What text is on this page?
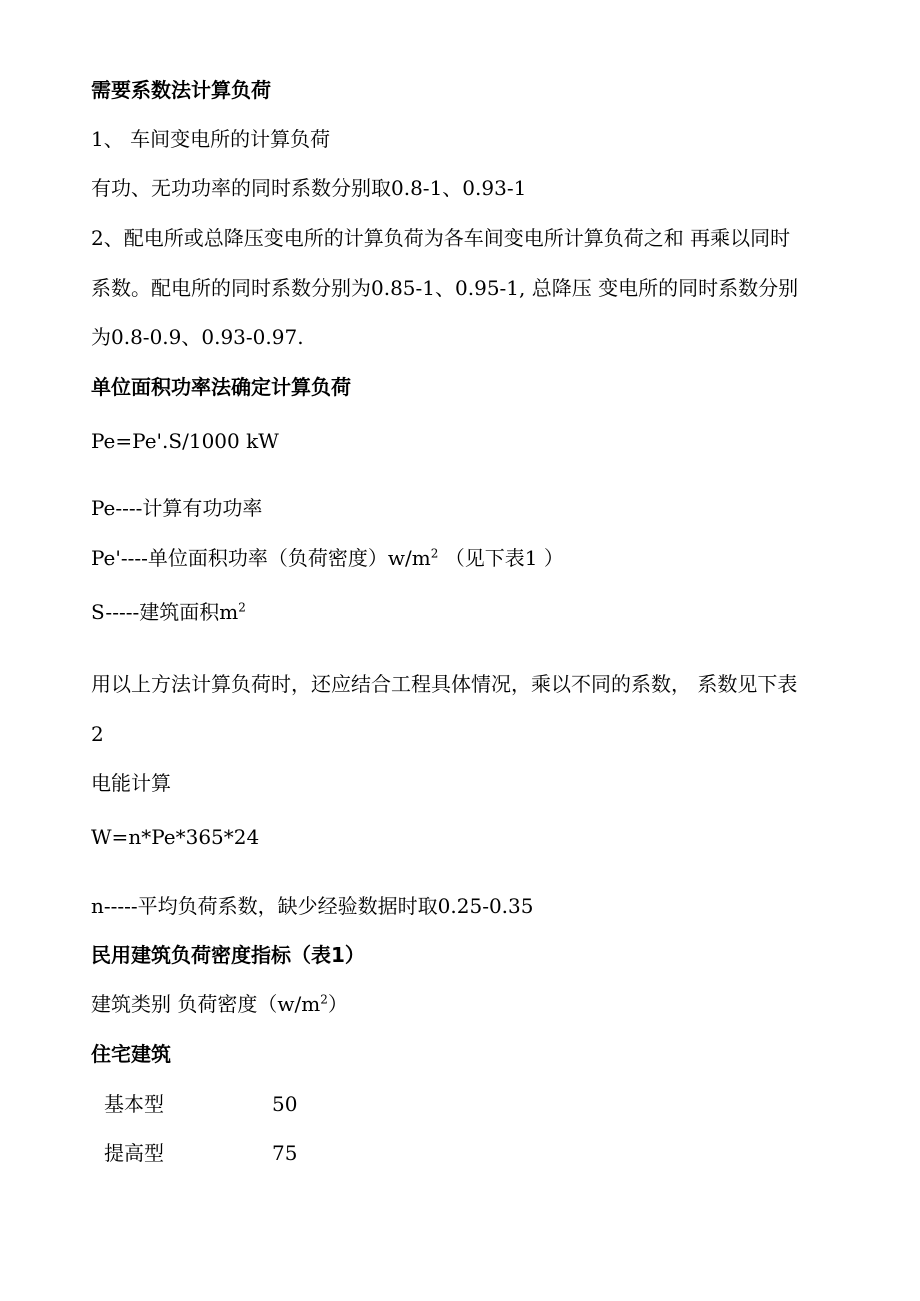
需要系数法计算负荷
1、 车间变电所的计算负荷
有功、无功功率的同时系数分别取0.8-1、0.93-1
2、配电所或总降压变电所的计算负荷为各车间变电所计算负荷之和 再乘以同时
系数。配电所的同时系数分别为0.85-1、0.95-1, 总降压 变电所的同时系数分别
为0.8-0.9、0.93-0.97.
单位面积功率法确定计算负荷
Pe=Pe'.S/1000 kW
Pe----计算有功功率
Pe'----单位面积功率（负荷密度）$w/m^2$ （见下表1 ）
S-----建筑面积$m^2$
用以上方法计算负荷时，还应结合工程具体情况，乘以不同的系数， 系数见下表
2
电能计算
W=n*Pe*365*24
n-----平均负荷系数，缺少经验数据时取0.25-0.35
民用建筑负荷密度指标（表1）
建筑类别 负荷密度$(w/m^2)$
住宅建筑
基本型	50
提高型	75
